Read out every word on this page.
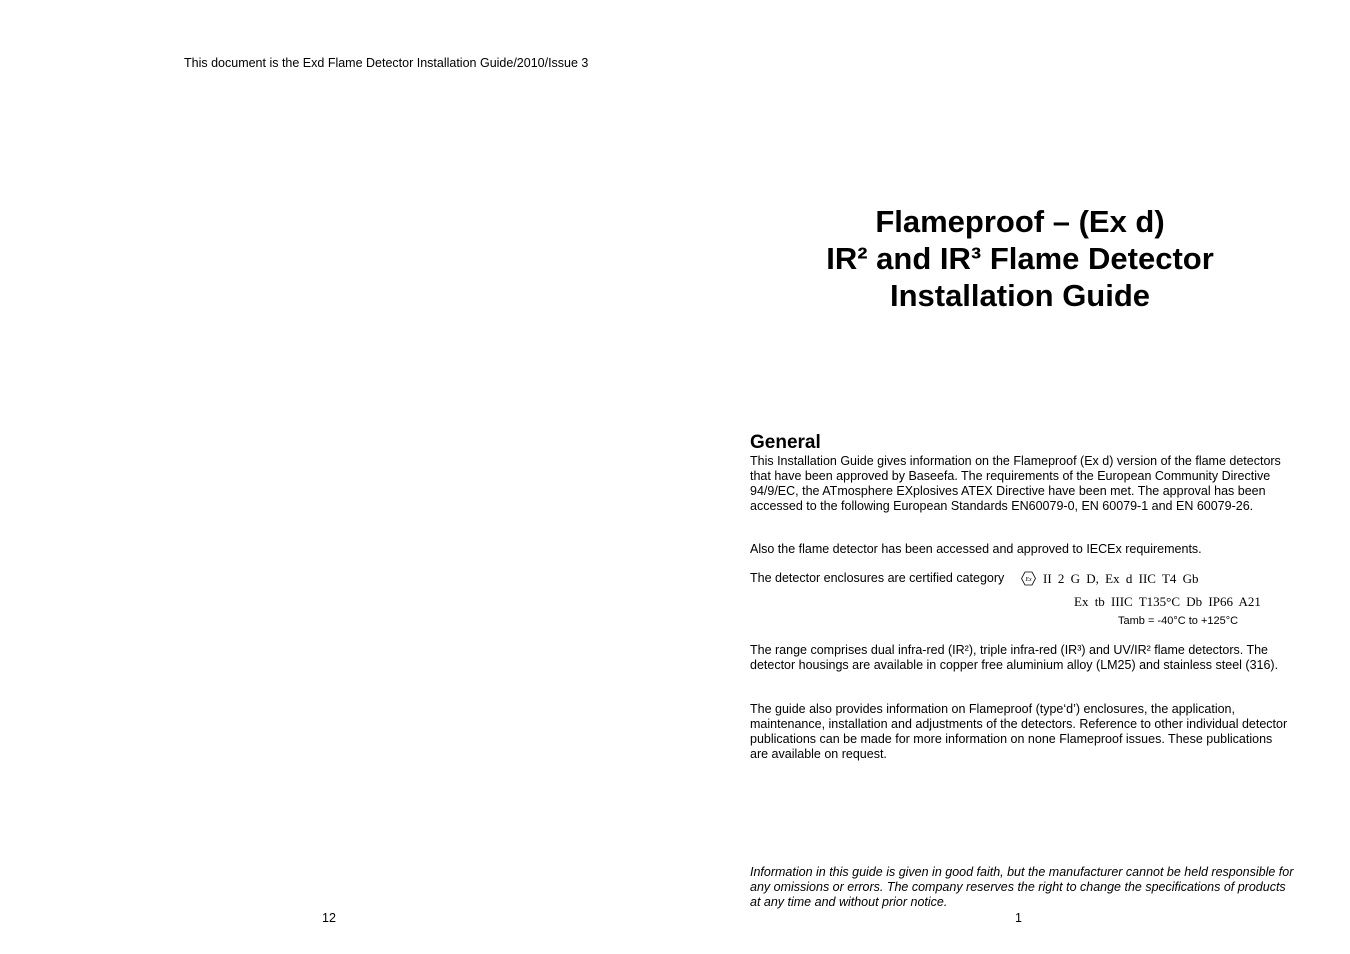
This document is the Exd Flame Detector Installation Guide/2010/Issue 3
Flameproof – (Ex d)
IR² and IR³ Flame Detector
Installation Guide
General
This Installation Guide gives information on the Flameproof (Ex d) version of the flame detectors that have been approved by Baseefa. The requirements of the European Community Directive 94/9/EC, the ATmosphere EXplosives ATEX Directive have been met. The approval has been accessed to the following European Standards EN60079-0, EN 60079-1 and EN 60079-26.
Also the flame detector has been accessed and approved to IECEx requirements.
The detector enclosures are certified category	Ex II 2 G D, Ex d IIC T4 Gb
Ex tb IIIC T135°C Db IP66 A21
Tamb = -40°C to +125°C
The range comprises dual infra-red (IR²), triple infra-red (IR³) and UV/IR² flame detectors. The detector housings are available in copper free aluminium alloy (LM25) and stainless steel (316).
The guide also provides information on Flameproof (type‘d’) enclosures, the application, maintenance, installation and adjustments of the detectors. Reference to other individual detector publications can be made for more information on none Flameproof issues. These publications are available on request.
Information in this guide is given in good faith, but the manufacturer cannot be held responsible for any omissions or errors. The company reserves the right to change the specifications of products at any time and without prior notice.
12	1
